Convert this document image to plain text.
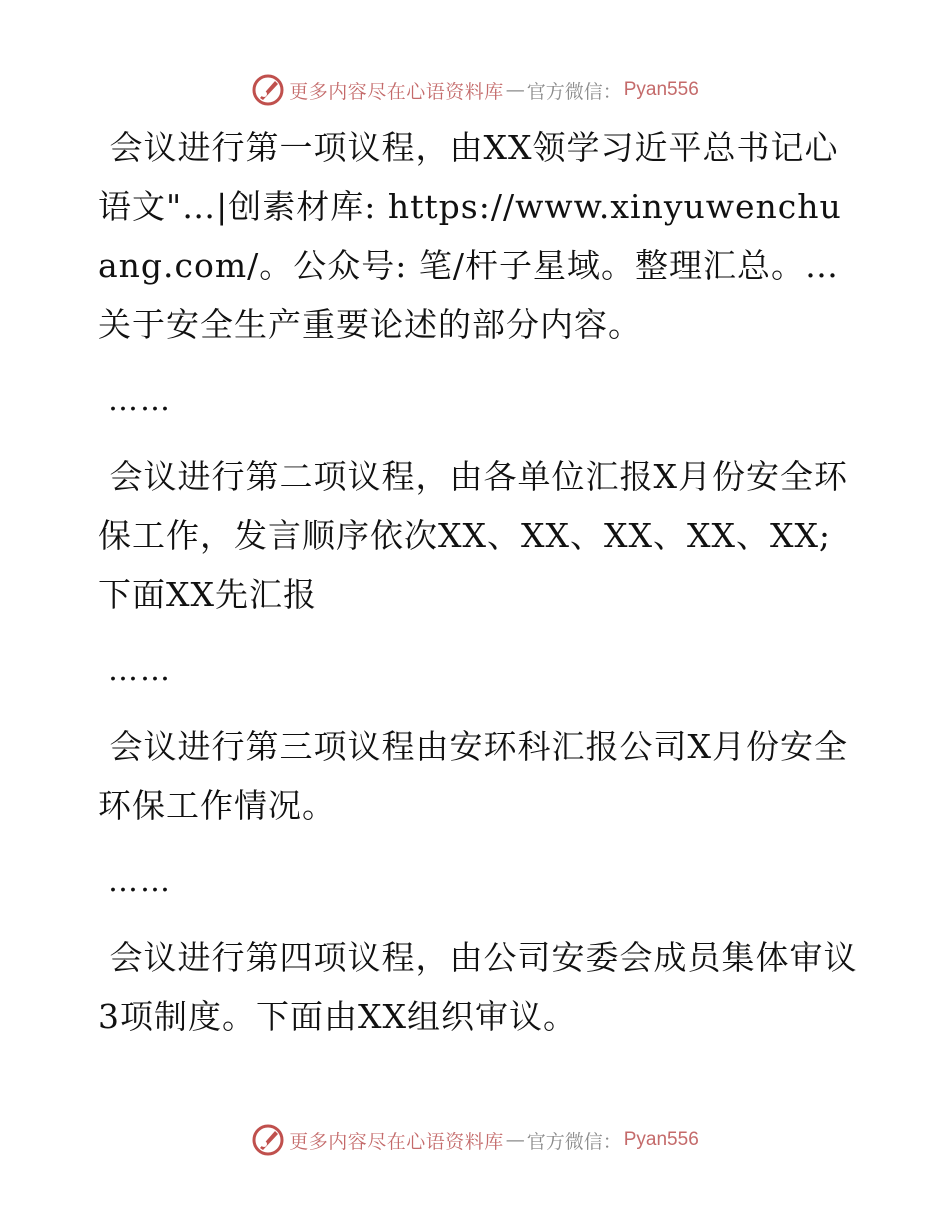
更多内容尽在心语资料库 — 官方微信： Pyan556

会议进行第一项议程，由XX领学习近平总书记心语文"…|创素材库: https://www.xinyuwenchuang.com/。公众号: 笔/杆子星域。整理汇总。…关于安全生产重要论述的部分内容。

……

会议进行第二项议程，由各单位汇报X月份安全环保工作，发言顺序依次XX、XX、XX、XX、XX; 下面XX先汇报

……

会议进行第三项议程由安环科汇报公司X月份安全环保工作情况。

……

会议进行第四项议程，由公司安委会成员集体审议3项制度。下面由XX组织审议。

更多内容尽在心语资料库 — 官方微信： Pyan556
